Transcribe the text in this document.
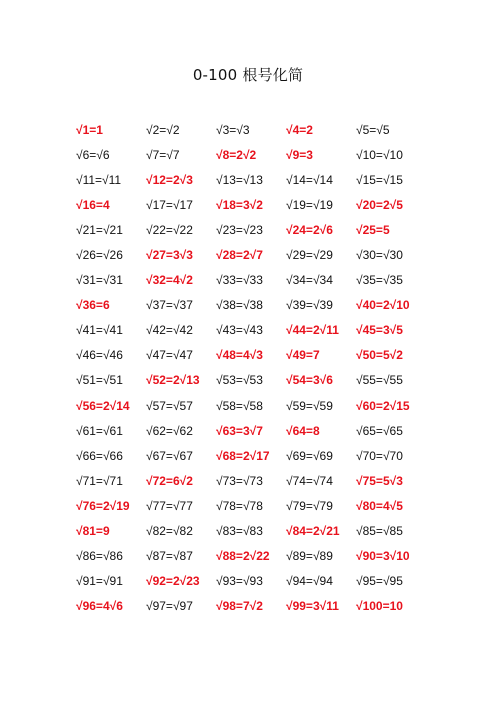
0-100 根号化简
√1=1	√2=√2	√3=√3	√4=2	√5=√5
√6=√6	√7=√7	√8=2√2	√9=3	√10=√10
√11=√11	√12=2√3	√13=√13	√14=√14	√15=√15
√16=4	√17=√17	√18=3√2	√19=√19	√20=2√5
√21=√21	√22=√22	√23=√23	√24=2√6	√25=5
√26=√26	√27=3√3	√28=2√7	√29=√29	√30=√30
√31=√31	√32=4√2	√33=√33	√34=√34	√35=√35
√36=6	√37=√37	√38=√38	√39=√39	√40=2√10
√41=√41	√42=√42	√43=√43	√44=2√11	√45=3√5
√46=√46	√47=√47	√48=4√3	√49=7	√50=5√2
√51=√51	√52=2√13	√53=√53	√54=3√6	√55=√55
√56=2√14	√57=√57	√58=√58	√59=√59	√60=2√15
√61=√61	√62=√62	√63=3√7	√64=8	√65=√65
√66=√66	√67=√67	√68=2√17	√69=√69	√70=√70
√71=√71	√72=6√2	√73=√73	√74=√74	√75=5√3
√76=2√19	√77=√77	√78=√78	√79=√79	√80=4√5
√81=9	√82=√82	√83=√83	√84=2√21	√85=√85
√86=√86	√87=√87	√88=2√22	√89=√89	√90=3√10
√91=√91	√92=2√23	√93=√93	√94=√94	√95=√95
√96=4√6	√97=√97	√98=7√2	√99=3√11	√100=10
